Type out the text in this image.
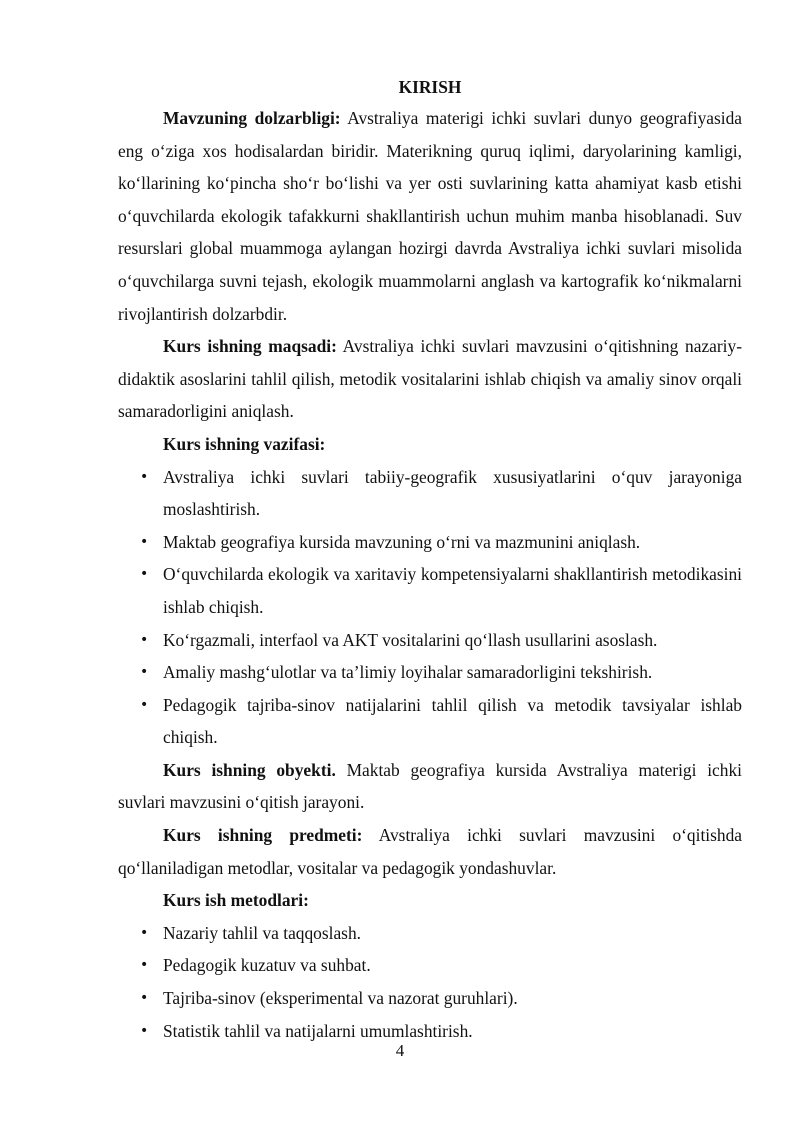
KIRISH

Mavzuning dolzarbligi: Avstraliya materigi ichki suvlari dunyo geografiyasida eng o‘ziga xos hodisalardan biridir. Materikning quruq iqlimi, daryolarining kamligi, ko‘llarining ko‘pincha sho‘r bo‘lishi va yer osti suvlarining katta ahamiyat kasb etishi o‘quvchilarda ekologik tafakkurni shakllantirish uchun muhim manba hisoblanadi. Suv resurslari global muammoga aylangan hozirgi davrda Avstraliya ichki suvlari misolida o‘quvchilarga suvni tejash, ekologik muammolarni anglash va kartografik ko‘nikmalarni rivojlantirish dolzarbdir.

Kurs ishning maqsadi: Avstraliya ichki suvlari mavzusini o‘qitishning nazariy-didaktik asoslarini tahlil qilish, metodik vositalarini ishlab chiqish va amaliy sinov orqali samaradorligini aniqlash.

Kurs ishning vazifasi:

• Avstraliya ichki suvlari tabiiy-geografik xususiyatlarini o‘quv jarayoniga moslashtirish.
• Maktab geografiya kursida mavzuning o‘rni va mazmunini aniqlash.
• O‘quvchilarda ekologik va xaritaviy kompetensiyalarni shakllantirish metodikasini ishlab chiqish.
• Ko‘rgazmali, interfaol va AKT vositalarini qo‘llash usullarini asoslash.
• Amaliy mashg‘ulotlar va ta’limiy loyihalar samaradorligini tekshirish.
• Pedagogik tajriba-sinov natijalarini tahlil qilish va metodik tavsiyalar ishlab chiqish.

Kurs ishning obyekti. Maktab geografiya kursida Avstraliya materigi ichki suvlari mavzusini o‘qitish jarayoni.

Kurs ishning predmeti: Avstraliya ichki suvlari mavzusini o‘qitishda qo‘llaniladigan metodlar, vositalar va pedagogik yondashuvlar.

Kurs ish metodlari:

• Nazariy tahlil va taqqoslash.
• Pedagogik kuzatuv va suhbat.
• Tajriba-sinov (eksperimental va nazorat guruhlari).
• Statistik tahlil va natijalarni umumlashtirish.
4
